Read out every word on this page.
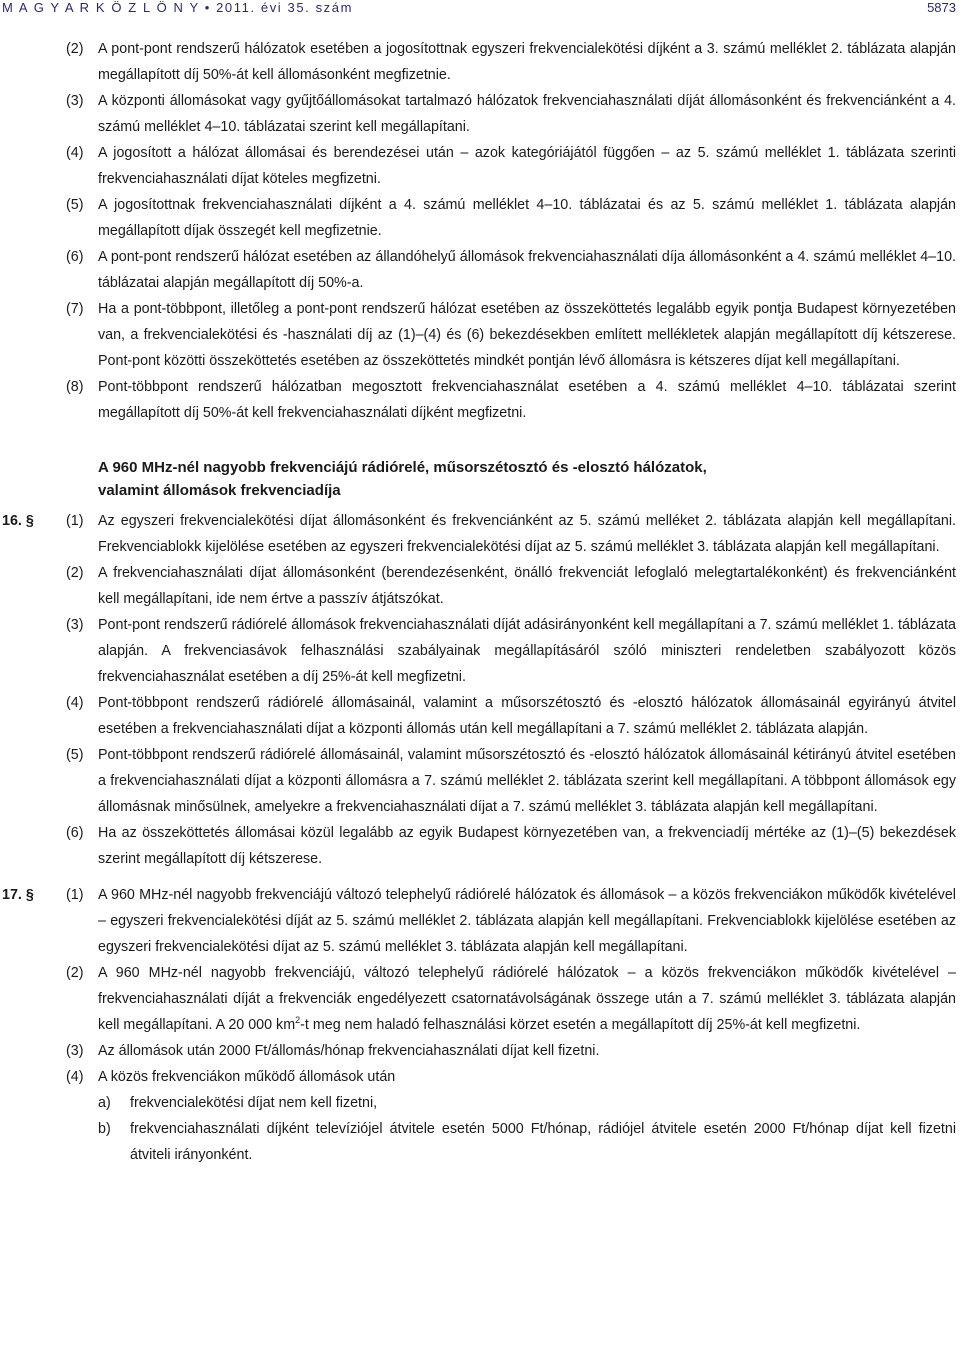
M A G Y A R K Ö Z L Ö N Y • 2011. évi 35. szám	5873
(2)	A pont-pont rendszerű hálózatok esetében a jogosítottnak egyszeri frekvencialekötési díjként a 3. számú melléklet 2. táblázata alapján megállapított díj 50%-át kell állomásonként megfizetnie.
(3)	A központi állomásokat vagy gyűjtőállomásokat tartalmazó hálózatok frekvenciahasználati díját állomásonként és frekvenciánként a 4. számú melléklet 4–10. táblázatai szerint kell megállapítani.
(4)	A jogosított a hálózat állomásai és berendezései után – azok kategóriájától függően – az 5. számú melléklet 1. táblázata szerinti frekvenciahasználati díjat köteles megfizetni.
(5)	A jogosítottnak frekvenciahasználati díjként a 4. számú melléklet 4–10. táblázatai és az 5. számú melléklet 1. táblázata alapján megállapított díjak összegét kell megfizetnie.
(6)	A pont-pont rendszerű hálózat esetében az állandóhelyű állomások frekvenciahasználati díja állomásonként a 4. számú melléklet 4–10. táblázatai alapján megállapított díj 50%-a.
(7)	Ha a pont-többpont, illetőleg a pont-pont rendszerű hálózat esetében az összeköttetés legalább egyik pontja Budapest környezetében van, a frekvencialekötési és -használati díj az (1)–(4) és (6) bekezdésekben említett mellékletek alapján megállapított díj kétszerese. Pont-pont közötti összeköttetés esetében az összeköttetés mindkét pontján lévő állomásra is kétszeres díjat kell megállapítani.
(8)	Pont-többpont rendszerű hálózatban megosztott frekvenciahasználat esetében a 4. számú melléklet 4–10. táblázatai szerint megállapított díj 50%-át kell frekvenciahasználati díjként megfizetni.
A 960 MHz-nél nagyobb frekvenciájú rádiórelé, műsorszétosztó és -elosztó hálózatok,
valamint állomások frekvenciadíja
16. §	(1)	Az egyszeri frekvencialekötési díjat állomásonként és frekvenciánként az 5. számú melléket 2. táblázata alapján kell megállapítani. Frekvenciablokk kijelölése esetében az egyszeri frekvencialekötési díjat az 5. számú melléklet 3. táblázata alapján kell megállapítani.
(2)	A frekvenciahasználati díjat állomásonként (berendezésenként, önálló frekvenciát lefoglaló melegtartalékonként) és frekvenciánként kell megállapítani, ide nem értve a passzív átjátszókat.
(3)	Pont-pont rendszerű rádiórelé állomások frekvenciahasználati díját adásirányonként kell megállapítani a 7. számú melléklet 1. táblázata alapján. A frekvenciasávok felhasználási szabályainak megállapításáról szóló miniszteri rendeletben szabályozott közös frekvenciahasználat esetében a díj 25%-át kell megfizetni.
(4)	Pont-többpont rendszerű rádiórelé állomásainál, valamint a műsorszétosztó és -elosztó hálózatok állomásainál egyirányú átvitel esetében a frekvenciahasználati díjat a központi állomás után kell megállapítani a 7. számú melléklet 2. táblázata alapján.
(5)	Pont-többpont rendszerű rádiórelé állomásainál, valamint műsorszétosztó és -elosztó hálózatok állomásainál kétirányú átvitel esetében a frekvenciahasználati díjat a központi állomásra a 7. számú melléklet 2. táblázata szerint kell megállapítani. A többpont állomások egy állomásnak minősülnek, amelyekre a frekvenciahasználati díjat a 7. számú melléklet 3. táblázata alapján kell megállapítani.
(6)	Ha az összeköttetés állomásai közül legalább az egyik Budapest környezetében van, a frekvenciadíj mértéke az (1)–(5) bekezdések szerint megállapított díj kétszerese.
17. §	(1)	A 960 MHz-nél nagyobb frekvenciájú változó telephelyű rádiórelé hálózatok és állomások – a közös frekvenciákon működők kivételével – egyszeri frekvencialekötési díját az 5. számú melléklet 2. táblázata alapján kell megállapítani. Frekvenciablokk kijelölése esetében az egyszeri frekvencialekötési díjat az 5. számú melléklet 3. táblázata alapján kell megállapítani.
(2)	A 960 MHz-nél nagyobb frekvenciájú, változó telephelyű rádiórelé hálózatok – a közös frekvenciákon működők kivételével – frekvenciahasználati díját a frekvenciák engedélyezett csatornatávolságának összege után a 7. számú melléklet 3. táblázata alapján kell megállapítani. A 20 000 $km^2-t$ meg nem haladó felhasználási körzet esetén a megállapított díj 25%-át kell megfizetni.
(3)	Az állomások után 2000 Ft/állomás/hónap frekvenciahasználati díjat kell fizetni.
(4)	A közös frekvenciákon működő állomások után
a)	frekvencialekötési díjat nem kell fizetni,
b)	frekvenciahasználati díjként televíziójel átvitele esetén 5000 Ft/hónap, rádiójel átvitele esetén 2000 Ft/hónap díjat kell fizetni átviteli irányonként.
